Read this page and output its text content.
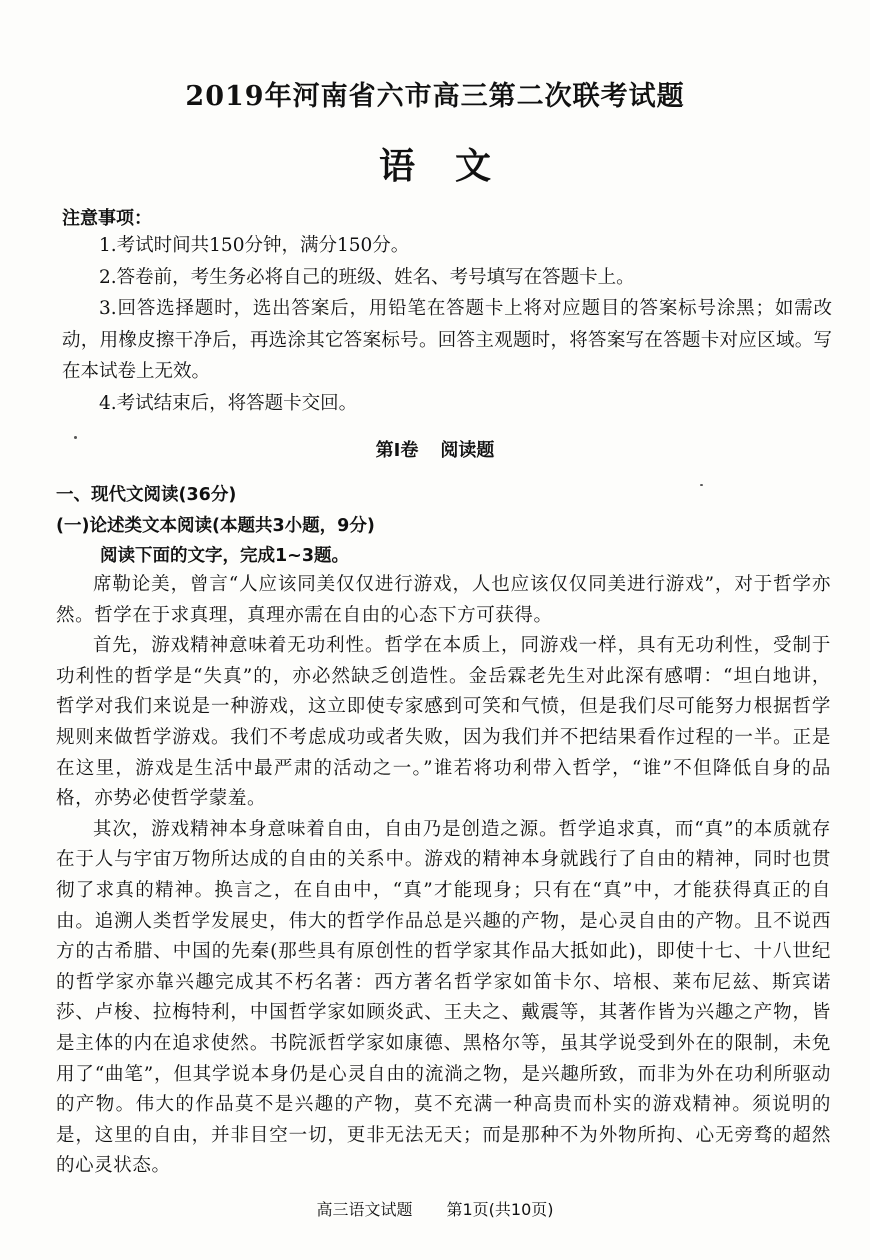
2019年河南省六市高三第二次联考试题
语文
注意事项：

1.考试时间共150分钟，满分150分。

2.答卷前，考生务必将自己的班级、姓名、考号填写在答题卡上。

3.回答选择题时，选出答案后，用铅笔在答题卡上将对应题目的答案标号涂黑；如需改动，用橡皮擦干净后，再选涂其它答案标号。回答主观题时，将答案写在答题卡对应区域。写在本试卷上无效。

4.考试结束后，将答题卡交回。

第Ⅰ卷 阅读题
一、现代文阅读(36分)
(一)论述类文本阅读(本题共3小题，9分)
阅读下面的文字，完成1~3题。

席勒论美，曾言“人应该同美仅仅进行游戏，人也应该仅仅同美进行游戏”，对于哲学亦然。哲学在于求真理，真理亦需在自由的心态下方可获得。

首先，游戏精神意味着无功利性。哲学在本质上，同游戏一样，具有无功利性，受制于功利性的哲学是“失真”的，亦必然缺乏创造性。金岳霖老先生对此深有感喟：“坦白地讲，哲学对我们来说是一种游戏，这立即使专家感到可笑和气愤，但是我们尽可能努力根据哲学规则来做哲学游戏。我们不考虑成功或者失败，因为我们并不把结果看作过程的一半。正是在这里，游戏是生活中最严肃的活动之一。”谁若将功利带入哲学，“谁”不但降低自身的品格，亦势必使哲学蒙羞。

其次，游戏精神本身意味着自由，自由乃是创造之源。哲学追求真，而“真”的本质就存在于人与宇宙万物所达成的自由的关系中。游戏的精神本身就践行了自由的精神，同时也贯彻了求真的精神。换言之，在自由中，“真”才能现身；只有在“真”中，才能获得真正的自由。追溯人类哲学发展史，伟大的哲学作品总是兴趣的产物，是心灵自由的产物。且不说西方的古希腊、中国的先秦(那些具有原创性的哲学家其作品大抵如此)，即使十七、十八世纪的哲学家亦靠兴趣完成其不朽名著：西方著名哲学家如笛卡尔、培根、莱布尼兹、斯宾诺莎、卢梭、拉梅特利，中国哲学家如顾炎武、王夫之、戴震等，其著作皆为兴趣之产物，皆是主体的内在追求使然。书院派哲学家如康德、黑格尔等，虽其学说受到外在的限制，未免用了“曲笔”，但其学说本身仍是心灵自由的流淌之物，是兴趣所致，而非为外在功利所驱动的产物。伟大的作品莫不是兴趣的产物，莫不充满一种高贵而朴实的游戏精神。须说明的是，这里的自由，并非目空一切，更非无法无天；而是那种不为外物所拘、心无旁骛的超然的心灵状态。

高三语文试题 第1页(共10页)
